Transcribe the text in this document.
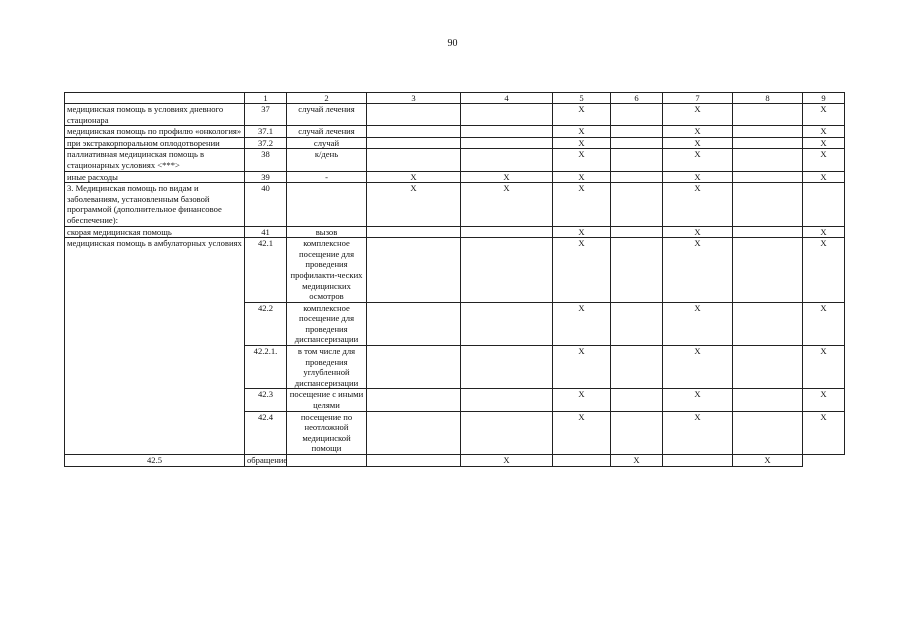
90
	1	2	3	4	5	6	7	8	9
медицинская помощь в условиях дневного стационара	37	случай лечения			Х		Х		Х
медицинская помощь по профилю «онкология»	37.1	случай лечения			Х		Х		Х
при экстракорпоральном оплодотворении	37.2	случай			Х		Х		Х
паллиативная медицинская помощь в стационарных условиях <***>	38	к/день			Х		Х		Х
иные расходы	39	-	Х	Х	Х		Х		Х
3. Медицинская помощь по видам и заболеваниям, установленным базовой программой (дополнительное финансовое обеспечение):	40		Х	Х	Х		Х		
скорая медицинская помощь	41	вызов			Х		Х		Х
медицинская помощь в амбулаторных условиях	42.1	комплексное посещение для проведения профилакти-ческих медицинских осмотров			Х		Х		Х
	42.2	комплексное посещение для проведения диспансеризации			Х		Х		Х
	42.2.1.	в том числе для проведения углубленной диспансеризации			Х		Х		Х
	42.3	посещение с иными целями			Х		Х		Х
	42.4	посещение по неотложной медицинской помощи			Х		Х		Х
42.5	обращение			Х		Х		Х	
